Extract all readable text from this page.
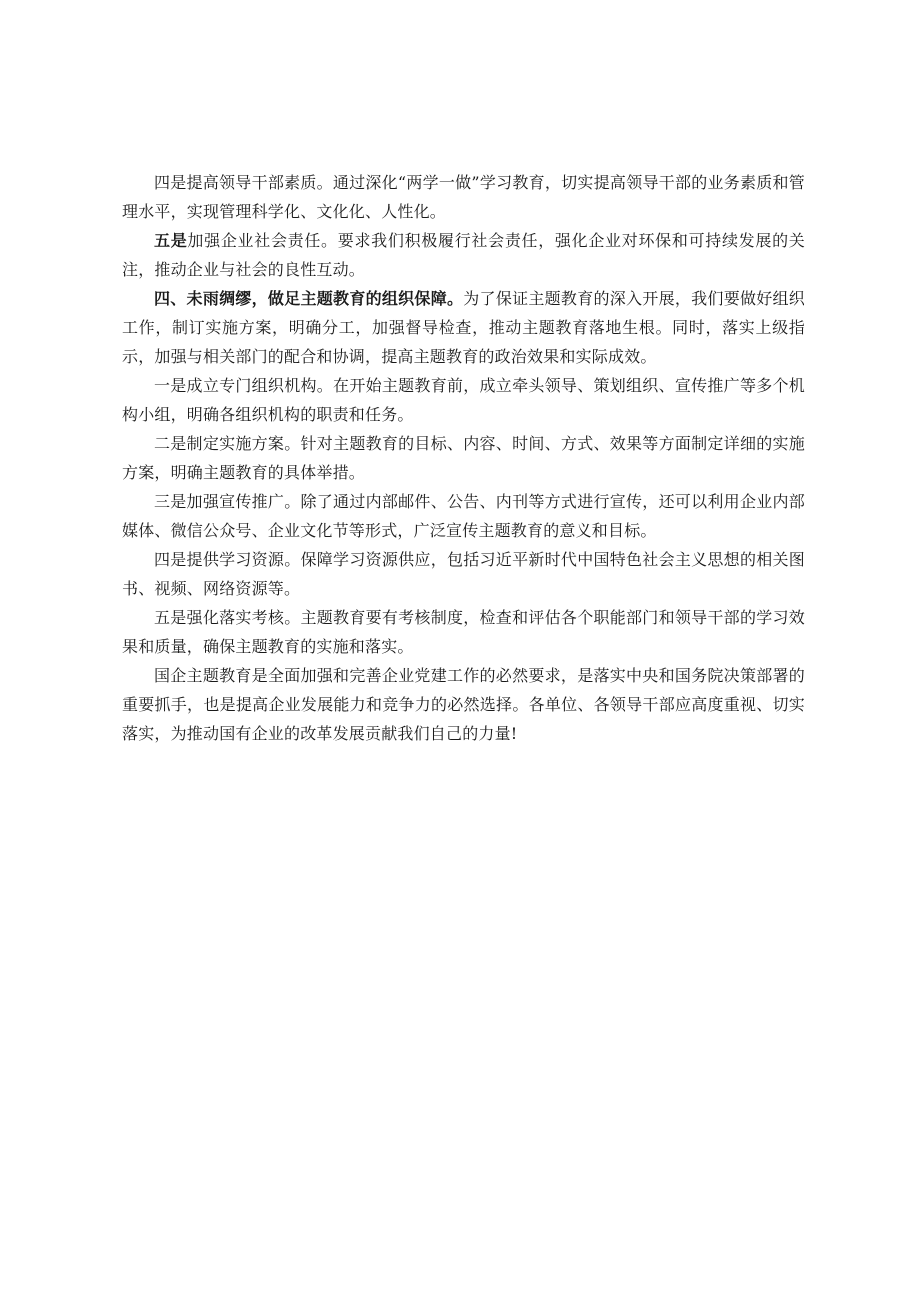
四是提高领导干部素质。通过深化“两学一做”学习教育，切实提高领导干部的业务素质和管理水平，实现管理科学化、文化化、人性化。

五是加强企业社会责任。要求我们积极履行社会责任，强化企业对环保和可持续发展的关注，推动企业与社会的良性互动。

四、未雨绸缪，做足主题教育的组织保障。为了保证主题教育的深入开展，我们要做好组织工作，制订实施方案，明确分工，加强督导检查，推动主题教育落地生根。同时，落实上级指示，加强与相关部门的配合和协调，提高主题教育的政治效果和实际成效。

一是成立专门组织机构。在开始主题教育前，成立牵头领导、策划组织、宣传推广等多个机构小组，明确各组织机构的职责和任务。

二是制定实施方案。针对主题教育的目标、内容、时间、方式、效果等方面制定详细的实施方案，明确主题教育的具体举措。

三是加强宣传推广。除了通过内部邮件、公告、内刊等方式进行宣传，还可以利用企业内部媒体、微信公众号、企业文化节等形式，广泛宣传主题教育的意义和目标。

四是提供学习资源。保障学习资源供应，包括习近平新时代中国特色社会主义思想的相关图书、视频、网络资源等。

五是强化落实考核。主题教育要有考核制度，检查和评估各个职能部门和领导干部的学习效果和质量，确保主题教育的实施和落实。

国企主题教育是全面加强和完善企业党建工作的必然要求，是落实中央和国务院决策部署的重要抓手，也是提高企业发展能力和竞争力的必然选择。各单位、各领导干部应高度重视、切实落实，为推动国有企业的改革发展贡献我们自己的力量!
